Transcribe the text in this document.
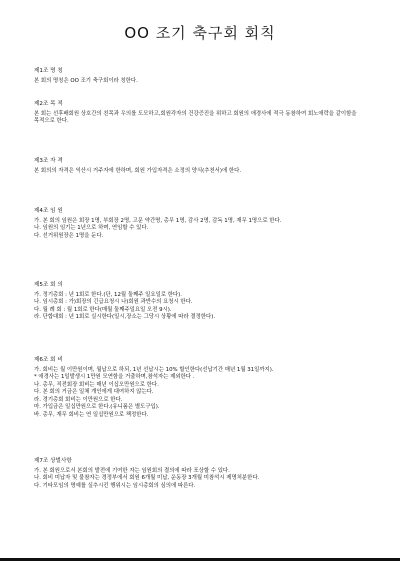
OO 조기 축구회 회칙
제1조 명 칭
본 회의 명칭은 OO 조기 축구회이라 칭한다.
제2조 목 적
본 회는 선후배회원 상호간의 친목과 우의를 도모하고,회원각자의 건강증진을 위하고 회원의 애경사에 적극 동참하여 회노애락을 같이함을 목적으로 한다.
제3조 자 격
본 회의의 자격은 익산시 거주자에 한하며, 회원 가입자격은 소정의 양식(추천서)에 한다.
제4조 임 원
가. 본 회의 임원은 회장 1명, 부회장 2명, 고문 약간명, 총무 1명, 감사 2명, 감독 1명, 재무 1명으로 한다.
나. 임원의 임기는 1년으로 하며, 연임할 수 있다.
다. 선거위원장은 1명을 둔다.
제5조 회 의
가. 정기총회 : 년 1회로 한다.(단, 12월 둘째주 일요일로 한다).
나. 임시총회 : 가)회장의 긴급요청시 나)회원 과반수의 요청시 한다.
다. 월 례 회 : 월 1회로 한다(매월 둘째주일요일 오전 9시).
라. 단합대회 : 년 1회로 실시한다(일시,장소는 그당시 상황에 따라 결정한다).
제6조 회 비
가. 회비는 월 이만원이며, 월납으로 하되, 1년 선납시는 10% 할인한다(선납기간 매년 1월 31일까지).
* 애경사는 1일발생시 1만원 모연함을 거출하며,참석자는 제외한다 .
나. 총무, 직전회장 회비는 매년 이십오만원으로 한다.
다. 본 회의 거금은 일체 개인에게 대여하지 않는다.
라. 경기총회 회비는 이만원으로 한다.
마. 가입금은 일십만원으로 한다.(유니폼은 별도구입).
바. 총무, 재무 회비는 연 일십만원으로 책정한다.
제7조 상벌사항
가. 본 회원으로서 본회의 발전에 기여한 자는 임원회의 결의에 따라 포상할 수 있다.
나. 회비 미납자 및 불참자는 경정부에서 회원 6개월 미납, 운동장 3개월 미참석시 제명처분한다.
다. 기타모임의 명예를 실추시킨 행위시는 임시총회의 심의에 따른다.
